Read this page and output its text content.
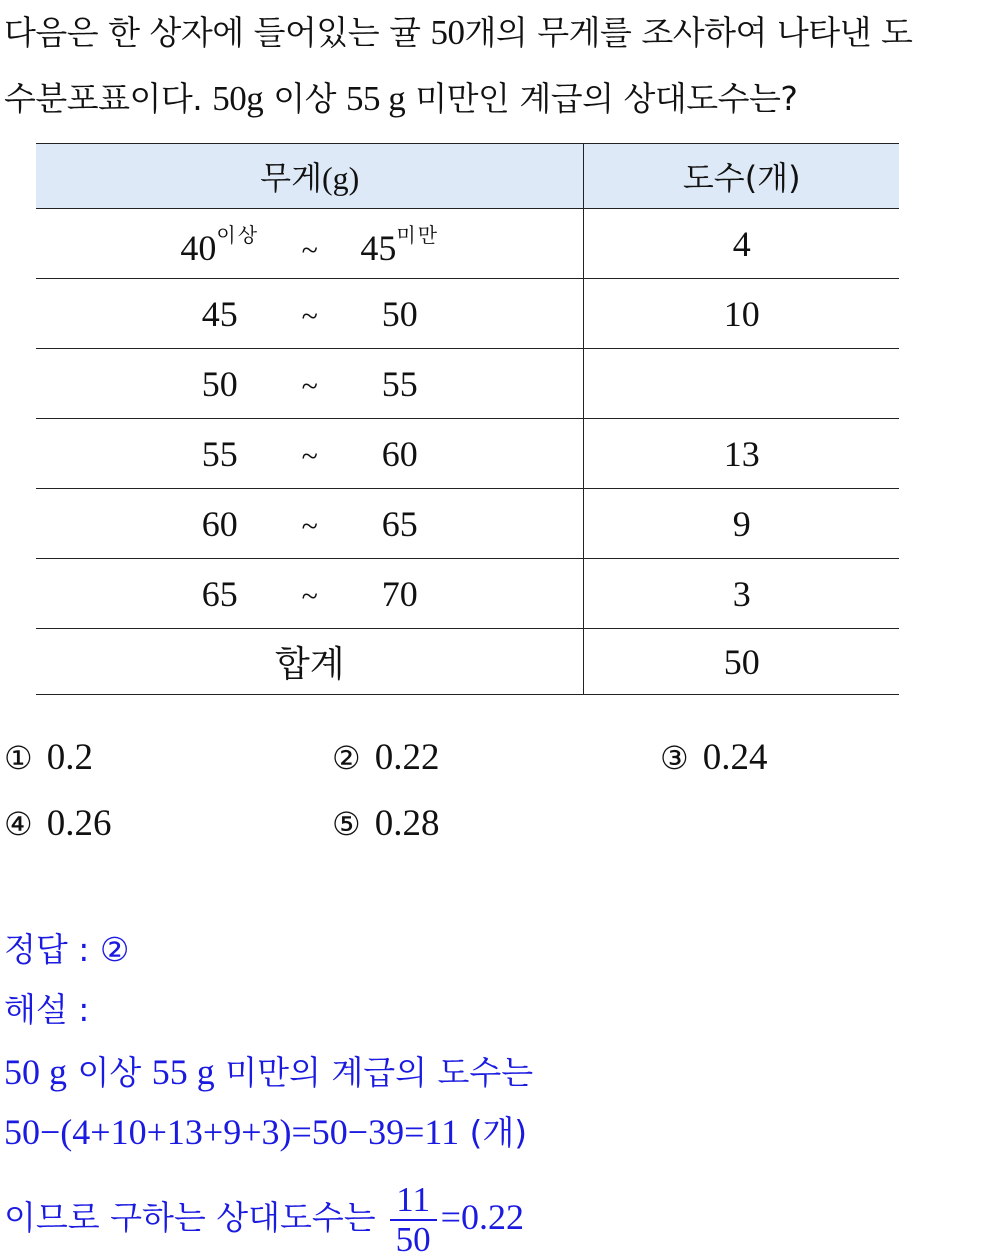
다음은 한 상자에 들어있는 귤 50개의 무게를 조사하여 나타낸 도
수분포표이다. 50g 이상 55 g 미만인 계급의 상대도수는?
무게(g)	도수(개)

$40^{이상}$ ~ $45^{미만}$	4

45 ~ 50	10

50 ~ 55	

55 ~ 60	13

60 ~ 65	9

65 ~ 70	3
합계	50
① 0.2	② 0.22	③ 0.24
④ 0.26	⑤ 0.28
정답 : ②
해설 :
50 g 이상 55 g 미만의 계급의 도수는
50−(4+10+13+9+3)=50−39=11 (개)
이므로 구하는 상대도수는 $\frac{11}{50} =0.22$
